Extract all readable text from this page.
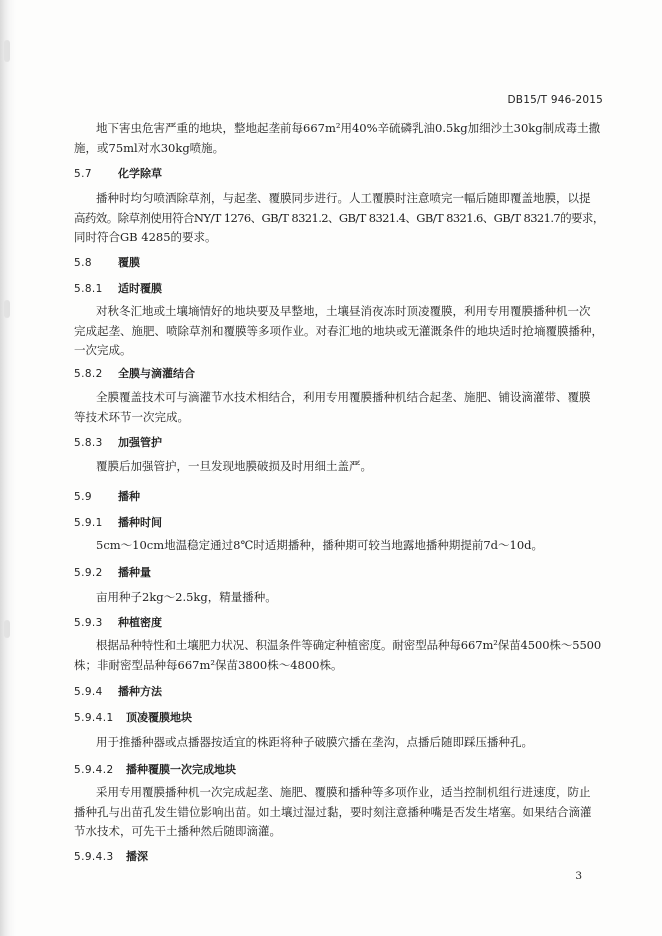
DB15/T 946-2015
地下害虫危害严重的地块，整地起垄前每667m²用40%辛硫磷乳油0.5kg加细沙土30kg制成毒土撒
施，或75ml对水30kg喷施。
5.7 化学除草
播种时均匀喷洒除草剂，与起垄、覆膜同步进行。人工覆膜时注意喷完一幅后随即覆盖地膜，以提
高药效。除草剂使用符合NY/T 1276、GB/T 8321.2、GB/T 8321.4、GB/T 8321.6、GB/T 8321.7的要求，
同时符合GB 4285的要求。
5.8 覆膜
5.8.1 适时覆膜
对秋冬汇地或土壤墒情好的地块要及早整地，土壤昼消夜冻时顶凌覆膜，利用专用覆膜播种机一次
完成起垄、施肥、喷除草剂和覆膜等多项作业。对春汇地的地块或无灌溉条件的地块适时抢墒覆膜播种，
一次完成。
5.8.2 全膜与滴灌结合
全膜覆盖技术可与滴灌节水技术相结合，利用专用覆膜播种机结合起垄、施肥、铺设滴灌带、覆膜
等技术环节一次完成。
5.8.3 加强管护
覆膜后加强管护，一旦发现地膜破损及时用细土盖严。
5.9 播种
5.9.1 播种时间
5cm～10cm地温稳定通过8℃时适期播种，播种期可较当地露地播种期提前7d～10d。
5.9.2 播种量
亩用种子2kg～2.5kg，精量播种。
5.9.3 种植密度
根据品种特性和土壤肥力状况、积温条件等确定种植密度。耐密型品种每667m²保苗4500株～5500
株；非耐密型品种每667m²保苗3800株～4800株。
5.9.4 播种方法
5.9.4.1 顶凌覆膜地块
用于推播种器或点播器按适宜的株距将种子破膜穴播在垄沟，点播后随即踩压播种孔。
5.9.4.2 播种覆膜一次完成地块
采用专用覆膜播种机一次完成起垄、施肥、覆膜和播种等多项作业，适当控制机组行进速度，防止
播种孔与出苗孔发生错位影响出苗。如土壤过湿过黏，要时刻注意播种嘴是否发生堵塞。如果结合滴灌
节水技术，可先干土播种然后随即滴灌。
5.9.4.3 播深
3
